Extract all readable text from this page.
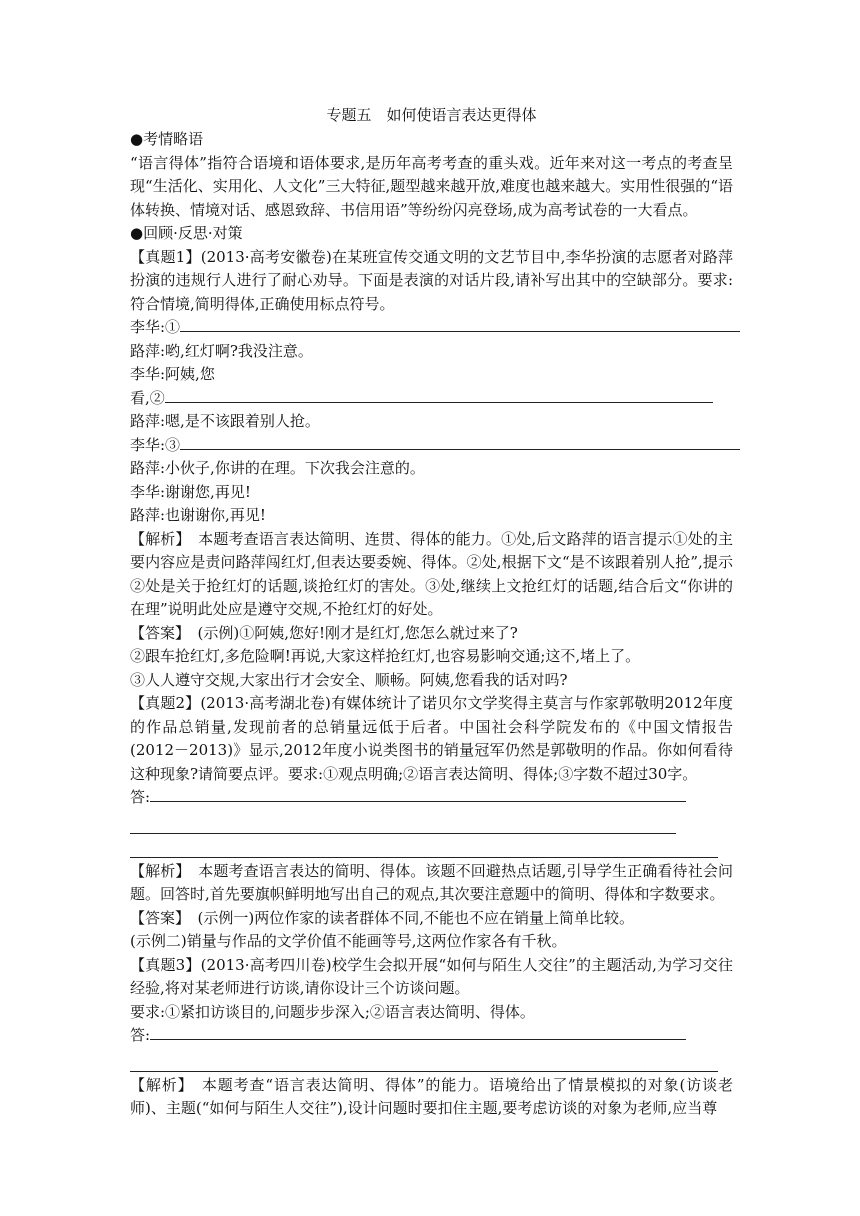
专题五　如何使语言表达更得体

●考情略语

“语言得体”指符合语境和语体要求,是历年高考考查的重头戏。近年来对这一考点的考查呈现“生活化、实用化、人文化”三大特征,题型越来越开放,难度也越来越大。实用性很强的“语体转换、情境对话、感恩致辞、书信用语”等纷纷闪亮登场,成为高考试卷的一大看点。

●回顾·反思·对策

【真题1】(2013·高考安徽卷)在某班宣传交通文明的文艺节目中,李华扮演的志愿者对路萍扮演的违规行人进行了耐心劝导。下面是表演的对话片段,请补写出其中的空缺部分。要求:符合情境,简明得体,正确使用标点符号。

李华:①

路萍:哟,红灯啊?我没注意。

李华:阿姨,您

看,②

路萍:嗯,是不该跟着别人抢。

李华:③

路萍:小伙子,你讲的在理。下次我会注意的。

李华:谢谢您,再见!

路萍:也谢谢你,再见!

【解析】　本题考查语言表达简明、连贯、得体的能力。①处,后文路萍的语言提示①处的主要内容应是责问路萍闯红灯,但表达要委婉、得体。②处,根据下文“是不该跟着别人抢”,提示②处是关于抢红灯的话题,谈抢红灯的害处。③处,继续上文抢红灯的话题,结合后文“你讲的在理”说明此处应是遵守交规,不抢红灯的好处。

【答案】　(示例)①阿姨,您好!刚才是红灯,您怎么就过来了?

②跟车抢红灯,多危险啊!再说,大家这样抢红灯,也容易影响交通;这不,堵上了。

③人人遵守交规,大家出行才会安全、顺畅。阿姨,您看我的话对吗?

【真题2】(2013·高考湖北卷)有媒体统计了诺贝尔文学奖得主莫言与作家郭敬明2012年度的作品总销量,发现前者的总销量远低于后者。中国社会科学院发布的《中国文情报告(2012－2013)》显示,2012年度小说类图书的销量冠军仍然是郭敬明的作品。你如何看待这种现象?请简要点评。要求:①观点明确;②语言表达简明、得体;③字数不超过30字。

答:

【解析】　本题考查语言表达的简明、得体。该题不回避热点话题,引导学生正确看待社会问题。回答时,首先要旗帜鲜明地写出自己的观点,其次要注意题中的简明、得体和字数要求。

【答案】　(示例一)两位作家的读者群体不同,不能也不应在销量上简单比较。

(示例二)销量与作品的文学价值不能画等号,这两位作家各有千秋。

【真题3】(2013·高考四川卷)校学生会拟开展“如何与陌生人交往”的主题活动,为学习交往经验,将对某老师进行访谈,请你设计三个访谈问题。

要求:①紧扣访谈目的,问题步步深入;②语言表达简明、得体。

答:

【解析】　本题考查“语言表达简明、得体”的能力。语境给出了情景模拟的对象(访谈老师)、主题(“如何与陌生人交往”),设计问题时要扣住主题,要考虑访谈的对象为老师,应当尊
